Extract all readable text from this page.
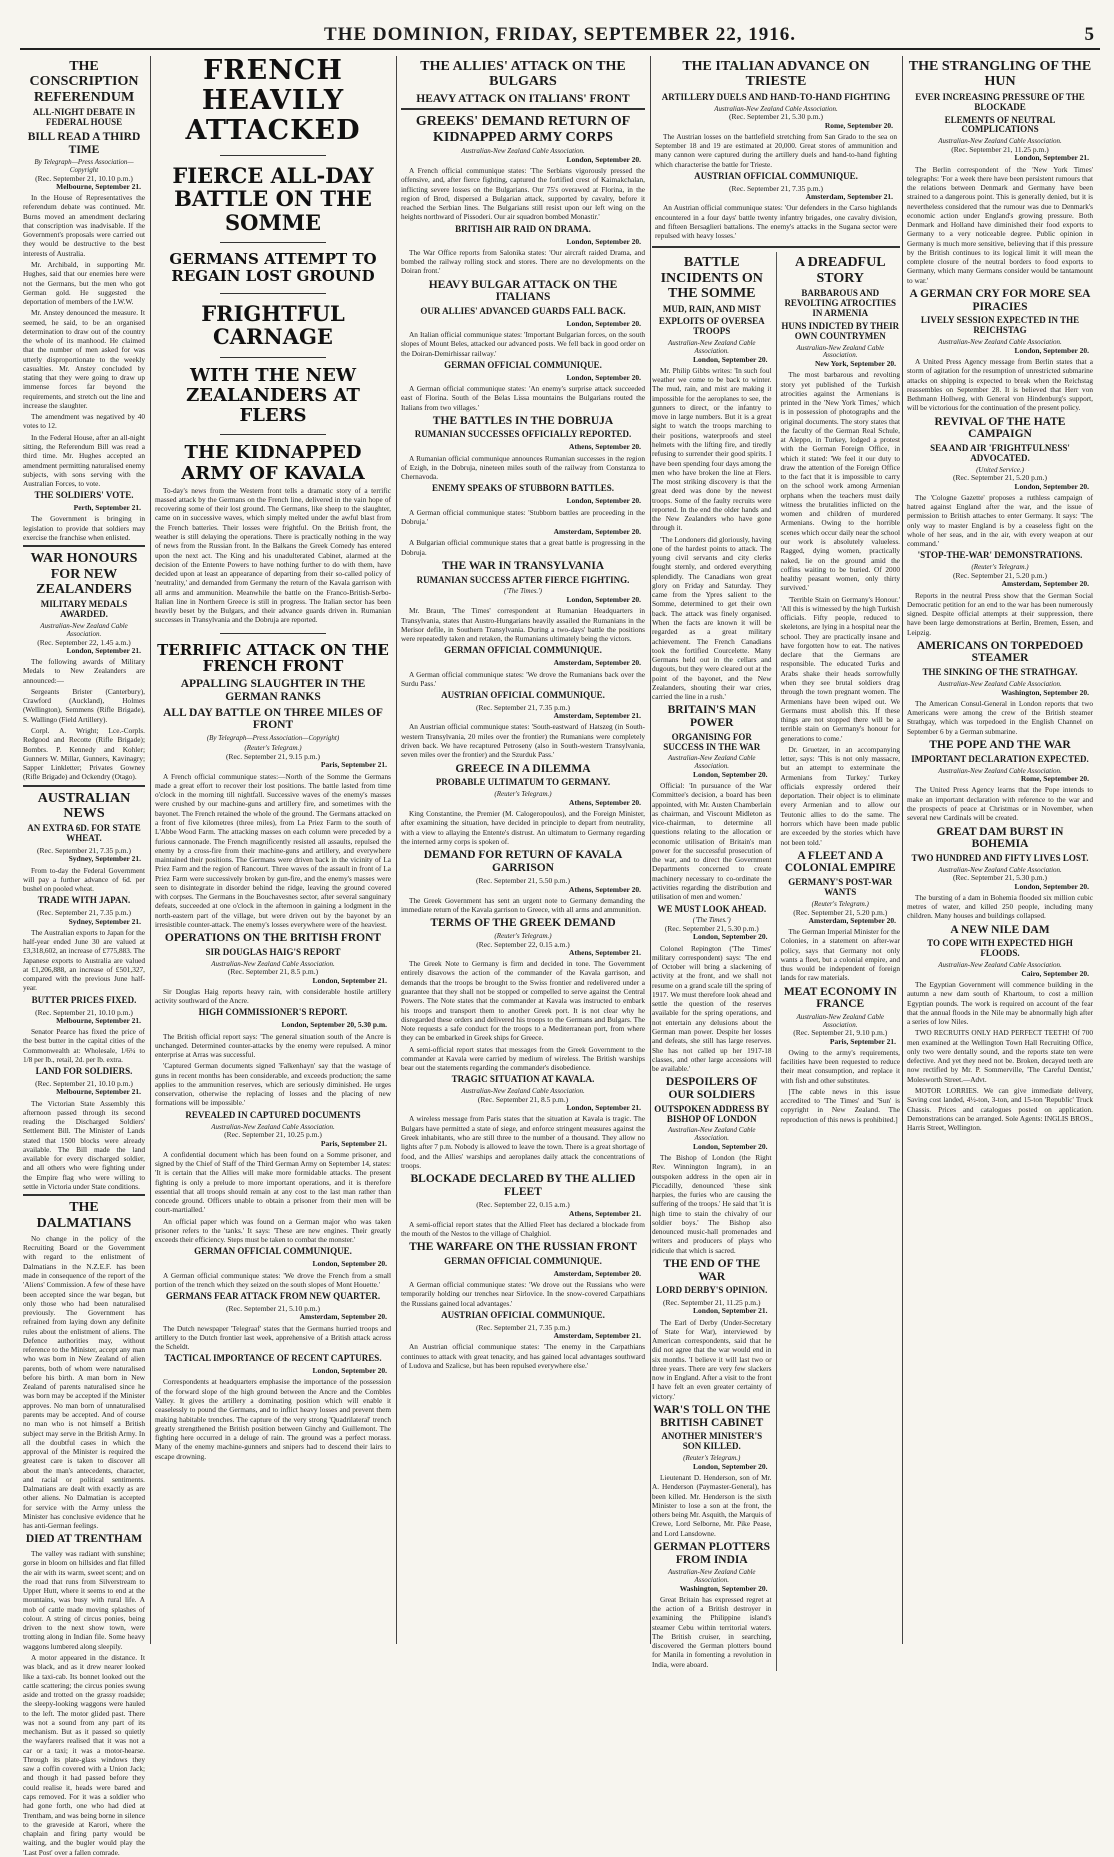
THE DOMINION, FRIDAY, SEPTEMBER 22, 1916.	5
THE CONSCRIPTION REFERENDUM
ALL-NIGHT DEBATE IN FEDERAL HOUSE
BILL READ A THIRD TIME
By Telegraph—Press Association—Copyright
(Rec. September 21, 10.10 p.m.)
Melbourne, September 21.

In the House of Representatives the referendum debate was continued. Mr. Burns moved an amendment declaring that conscription was inadvisable. If the Government's proposals were carried out they would be destructive to the best interests of Australia.

Mr. Archibald, in supporting Mr. Hughes, said that our enemies here were not the Germans, but the men who got German gold. He suggested the deportation of members of the I.W.W.

Mr. Anstey denounced the measure. It seemed, he said, to be an organised determination to draw out of the country the whole of its manhood. He claimed that the number of men asked for was utterly disproportionate to the weekly casualties. Mr. Anstey concluded by stating that they were going to draw up immense forces far beyond the requirements, and stretch out the line and increase the slaughter.

The amendment was negatived by 40 votes to 12.

In the Federal House, after an all-night sitting, the Referendum Bill was read a third time. Mr. Hughes accepted an amendment permitting naturalised enemy subjects, with sons serving with the Australian Forces, to vote.

THE SOLDIERS' VOTE.
Perth, September 21.

The Government is bringing in legislation to provide that soldiers may exercise the franchise when enlisted.

WAR HONOURS FOR NEW ZEALANDERS
MILITARY MEDALS AWARDED.
Australian-New Zealand Cable Association.
(Rec. September 22, 1.45 a.m.)
London, September 21.

The following awards of Military Medals to New Zealanders are announced:—

Sergeants Brister (Canterbury), Crawford (Auckland), Holmes (Wellington), Semmens (Rifle Brigade), S. Wallingo (Field Artillery).

Corpl. A. Wright; Lce.-Corpls. Redgood and Recotte (Rifle Brigade); Bombrs. P. Kennedy and Kohler; Gunners W. Millar, Gunners, Kavinagry; Sapper Linkletter; Privates Gowney (Rifle Brigade) and Ockendry (Otago).

AUSTRALIAN NEWS
AN EXTRA 6D. FOR STATE WHEAT.
(Rec. September 21, 7.35 p.m.)
Sydney, September 21.

From to-day the Federal Government will pay a further advance of 6d. per bushel on pooled wheat.

TRADE WITH JAPAN.
(Rec. September 21, 7.35 p.m.)
Sydney, September 21.

The Australian exports to Japan for the half-year ended June 30 are valued at £3,318,602, an increase of £775,883. The Japanese exports to Australia are valued at £1,206,888, an increase of £501,327, compared with the previous June half-year.

BUTTER PRICES FIXED.
(Rec. September 21, 10.10 p.m.)
Melbourne, September 21.

Senator Pearce has fixed the price of the best butter in the capital cities of the Commonwealth at: Wholesale, 1/6¼ to 1/8 per lb., retail, 2d. per lb. extra.

LAND FOR SOLDIERS.
(Rec. September 21, 10.10 p.m.)
Melbourne, September 21.

The Victorian State Assembly this afternoon passed through its second reading the Discharged Soldiers' Settlement Bill. The Minister of Lands stated that 1500 blocks were already available. The Bill made the land available for every discharged soldier, and all others who were fighting under the Empire flag who were willing to settle in Victoria under State conditions.

THE DALMATIANS

No change in the policy of the Recruiting Board or the Government with regard to the enlistment of Dalmatians in the N.Z.E.F. has been made in consequence of the report of the 'Aliens' Commission. A few of these have been accepted since the war began, but only those who had been naturalised previously. The Government has refrained from laying down any definite rules about the enlistment of aliens. The Defence authorities may, without reference to the Minister, accept any man who was born in New Zealand of alien parents, both of whom were naturalised before his birth. A man born in New Zealand of parents naturalised since he was born may be accepted if the Minister approves. No man born of unnaturalised parents may be accepted. And of course no man who is not himself a British subject may serve in the British Army. In all the doubtful cases in which the approval of the Minister is required the greatest care is taken to discover all about the man's antecedents, character, and racial or political sentiments. Dalmatians are dealt with exactly as are other aliens. No Dalmatian is accepted for service with the Army unless the Minister has conclusive evidence that he has anti-German feelings.

DIED AT TRENTHAM

The valley was radiant with sunshine; gorse in bloom on hillsides and flat filled the air with its warm, sweet scent; and on the road that runs from Silverstream to Upper Hutt, where it seems to end at the mountains, was busy with rural life. A mob of cattle made moving splashes of colour. A string of circus ponies, being driven to the next show town, were trotting along in Indian file. Some heavy waggons lumbered along sleepily.

A motor appeared in the distance. It was black, and as it drew nearer looked like a taxi-cab. Its bonnet looked out the cattle scattering; the circus ponies swung aside and trotted on the grassy roadside; the sleepy-looking waggons were hauled to the left. The motor glided past. There was not a sound from any part of its mechanism. But as it passed so quietly the wayfarers realised that it was not a car or a taxi; it was a motor-hearse. Through its plate-glass windows they saw a coffin covered with a Union Jack; and though it had passed before they could realise it, heads were bared and caps removed. For it was a soldier who had gone forth, one who had died at Trentham, and was being borne in silence to the graveside at Karori, where the chaplain and firing party would be waiting, and the bugler would play the 'Last Post' over a fallen comrade.

FRENCH HEAVILY ATTACKED
FIERCE ALL-DAY BATTLE ON THE SOMME
GERMANS ATTEMPT TO REGAIN LOST GROUND
FRIGHTFUL CARNAGE
WITH THE NEW ZEALANDERS AT FLERS
THE KIDNAPPED ARMY OF KAVALA

To-day's news from the Western front tells a dramatic story of a terrific massed attack by the Germans on the French line, delivered in the vain hope of recovering some of their lost ground. The Germans, like sheep to the slaughter, came on in successive waves, which simply melted under the awful blast from the French batteries. Their losses were frightful. On the British front, the weather is still delaying the operations. There is practically nothing in the way of news from the Russian front. In the Balkans the Greek Comedy has entered upon the next act. The King and his unadulterated Cabinet, alarmed at the decision of the Entente Powers to have nothing further to do with them, have decided upon at least an appearance of departing from their so-called policy of 'neutrality,' and demanded from Germany the return of the Kavala garrison with all arms and ammunition. Meanwhile the battle on the Franco-British-Serbo-Italian line in Northern Greece is still in progress. The Italian sector has been heavily beset by the Bulgars, and their advance guards driven in. Rumanian successes in Transylvania and the Dobruja are reported.

TERRIFIC ATTACK ON THE FRENCH FRONT
APPALLING SLAUGHTER IN THE GERMAN RANKS
ALL DAY BATTLE ON THREE MILES OF FRONT
(By Telegraph—Press Association—Copyright)
(Reuter's Telegram.)
(Rec. September 21, 9.15 p.m.)
Paris, September 21.

A French official communique states:—North of the Somme the Germans made a great effort to recover their lost positions. The battle lasted from time o'clock in the morning till nightfall. Successive waves of the enemy's masses were crushed by our machine-guns and artillery fire, and sometimes with the bayonet. The French retained the whole of the ground. The Germans attacked on a front of five kilometres (three miles), from La Priez Farm to the south of L'Abbe Wood Farm. The attacking masses on each column were preceded by a furious cannonade. The French magnificently resisted all assaults, repulsed the enemy by a cross-fire from their machine-guns and artillery, and everywhere maintained their positions. The Germans were driven back in the vicinity of La Priez Farm and the region of Rancourt. Three waves of the assault in front of La Priez Farm were successively broken by gun-fire, and the enemy's masses were seen to disintegrate in disorder behind the ridge, leaving the ground covered with corpses. The Germans in the Bouchavesnes sector, after several sanguinary defeats, succeeded at one o'clock in the afternoon in gaining a lodgment in the north-eastern part of the village, but were driven out by the bayonet by an irresistible counter-attack. The enemy's losses everywhere were of the heaviest.

OPERATIONS ON THE BRITISH FRONT
SIR DOUGLAS HAIG'S REPORT
Australian-New Zealand Cable Association.
(Rec. September 21, 8.5 p.m.)
London, September 21.

Sir Douglas Haig reports heavy rain, with considerable hostile artillery activity southward of the Ancre.

HIGH COMMISSIONER'S REPORT.
London, September 20, 5.30 p.m.

The British official report says: 'The general situation south of the Ancre is unchanged. Determined counter-attacks by the enemy were repulsed. A minor enterprise at Arras was successful.

'Captured German documents signed 'Falkenhayn' say that the wastage of guns in recent months has been considerable, and exceeds production; the same applies to the ammunition reserves, which are seriously diminished. He urges conservation, otherwise the replacing of losses and the placing of new formations will be impossible.'

REVEALED IN CAPTURED DOCUMENTS
Australian-New Zealand Cable Association.
(Rec. September 21, 10.25 p.m.)
Paris, September 21.

A confidential document which has been found on a Somme prisoner, and signed by the Chief of Staff of the Third German Army on September 14, states: 'It is certain that the Allies will make more formidable attacks. The present fighting is only a prelude to more important operations, and it is therefore essential that all troops should remain at any cost to the last man rather than concede ground. Officers unable to obtain a prisoner from their men will be court-martialled.'

An official paper which was found on a German major who was taken prisoner refers to the 'tanks.' It says: 'These are new engines. Their greatly exceeds their efficiency. Steps must be taken to combat the monster.'

GERMAN OFFICIAL COMMUNIQUE.
London, September 20.

A German official communique states: 'We drove the French from a small portion of the trench which they seized on the south slopes of Mont Houette.'

GERMANS FEAR ATTACK FROM NEW QUARTER.
(Rec. September 21, 5.10 p.m.)
Amsterdam, September 20.

The Dutch newspaper 'Telegraaf' states that the Germans hurried troops and artillery to the Dutch frontier last week, apprehensive of a British attack across the Scheldt.

TACTICAL IMPORTANCE OF RECENT CAPTURES.
London, September 20.

Correspondents at headquarters emphasise the importance of the possession of the forward slope of the high ground between the Ancre and the Combles Valley. It gives the artillery a dominating position which will enable it ceaselessly to pound the Germans, and to inflict heavy losses and prevent them making habitable trenches. The capture of the very strong 'Quadrilateral' trench greatly strengthened the British position between Ginchy and Guillemont. The fighting here occurred in a deluge of rain. The ground was a perfect morass. Many of the enemy machine-gunners and snipers had to descend their lairs to escape drowning.

THE ALLIES' ATTACK ON THE BULGARS
HEAVY ATTACK ON ITALIANS' FRONT
GREEKS' DEMAND RETURN OF KIDNAPPED ARMY CORPS
Australian-New Zealand Cable Association.
London, September 20.

A French official communique states: 'The Serbians vigorously pressed the offensive, and, after fierce fighting, captured the fortified crest of Kaimakchalan, inflicting severe losses on the Bulgarians. Our 75's overawed at Florina, in the region of Brod, dispersed a Bulgarian attack, supported by cavalry, before it reached the Serbian lines. The Bulgarians still resist upon our left wing on the heights northward of Pissoderi. Our air squadron bombed Monastir.'

BRITISH AIR RAID ON DRAMA.
London, September 20.

The War Office reports from Salonika states: 'Our aircraft raided Drama, and bombed the railway rolling stock and stores. There are no developments on the Doiran front.'

HEAVY BULGAR ATTACK ON THE ITALIANS
OUR ALLIES' ADVANCED GUARDS FALL BACK.
London, September 20.

An Italian official communique states: 'Important Bulgarian forces, on the south slopes of Mount Beles, attacked our advanced posts. We fell back in good order on the Doiran-Demirhissar railway.'

GERMAN OFFICIAL COMMUNIQUE.
London, September 20.

A German official communique states: 'An enemy's surprise attack succeeded east of Florina. South of the Belas Lissa mountains the Bulgarians routed the Italians from two villages.'

THE BATTLES IN THE DOBRUJA
RUMANIAN SUCCESSES OFFICIALLY REPORTED.
Athens, September 20.

A Rumanian official communique announces Rumanian successes in the region of Ezigh, in the Dobruja, nineteen miles south of the railway from Constanza to Chernavoda.

ENEMY SPEAKS OF STUBBORN BATTLES.
London, September 20.

A German official communique states: 'Stubborn battles are proceeding in the Dobruja.'

Amsterdam, September 20.

A Bulgarian official communique states that a great battle is progressing in the Dobruja.

THE WAR IN TRANSYLVANIA
RUMANIAN SUCCESS AFTER FIERCE FIGHTING.
('The Times.')
London, September 20.

Mr. Braun, 'The Times' correspondent at Rumanian Headquarters in Transylvania, states that Austro-Hungarians heavily assailed the Rumanians in the Merisor defile, in Southern Transylvania. During a two-days' battle the positions were repeatedly taken and retaken, the Rumanians ultimately being the victors.

GERMAN OFFICIAL COMMUNIQUE.
Amsterdam, September 20.

A German official communique states: 'We drove the Rumanians back over the Surdu Pass.'

AUSTRIAN OFFICIAL COMMUNIQUE.
(Rec. September 21, 7.35 p.m.)
Amsterdam, September 21.

An Austrian official communique states: 'South-eastward of Hatszeg (in South-western Transylvania, 20 miles over the frontier) the Rumanians were completely driven back. We have recaptured Petroseny (also in South-western Transylvania, seven miles over the frontier) and the Szurduk Pass.'

GREECE IN A DILEMMA
PROBABLE ULTIMATUM TO GERMANY.
(Reuter's Telegram.)
Athens, September 20.

King Constantine, the Premier (M. Calogeropoulos), and the Foreign Minister, after examining the situation, have decided in principle to depart from neutrality, with a view to allaying the Entente's distrust. An ultimatum to Germany regarding the interned army corps is spoken of.

DEMAND FOR RETURN OF KAVALA GARRISON
(Rec. September 21, 5.50 p.m.)
Athens, September 20.

The Greek Government has sent an urgent note to Germany demanding the immediate return of the Kavala garrison to Greece, with all arms and ammunition.

TERMS OF THE GREEK DEMAND
(Reuter's Telegram.)
(Rec. September 22, 0.15 a.m.)
Athens, September 21.

The Greek Note to Germany is firm and decided in tone. The Government entirely disavows the action of the commander of the Kavala garrison, and demands that the troops be brought to the Swiss frontier and redelivered under a guarantee that they shall not be stopped or compelled to serve against the Central Powers. The Note states that the commander at Kavala was instructed to embark his troops and transport them to another Greek port. It is not clear why he disregarded these orders and delivered his troops to the Germans and Bulgars. The Note requests a safe conduct for the troops to a Mediterranean port, from where they can be embarked in Greek ships for Greece.

A semi-official report states that messages from the Greek Government to the commander at Kavala were carried by medium of wireless. The British warships bear out the statements regarding the commander's disobedience.

TRAGIC SITUATION AT KAVALA.
Australian-New Zealand Cable Association.
(Rec. September 21, 8.5 p.m.)
London, September 21.

A wireless message from Paris states that the situation at Kavala is tragic. The Bulgars have permitted a state of siege, and enforce stringent measures against the Greek inhabitants, who are still three to the number of a thousand. They allow no lights after 7 p.m. Nobody is allowed to leave the town. There is a great shortage of food, and the Allies' warships and aeroplanes daily attack the concentrations of troops.

BLOCKADE DECLARED BY THE ALLIED FLEET
(Rec. September 22, 0.15 a.m.)
Athens, September 21.

A semi-official report states that the Allied Fleet has declared a blockade from the mouth of the Nestos to the village of Chalghiol.

THE WARFARE ON THE RUSSIAN FRONT
GERMAN OFFICIAL COMMUNIQUE.
Amsterdam, September 20.

A German official communique states: 'We drove out the Russians who were temporarily holding our trenches near Sirlovice. In the snow-covered Carpathians the Russians gained local advantages.'

AUSTRIAN OFFICIAL COMMUNIQUE.
(Rec. September 21, 7.35 p.m.)
Amsterdam, September 21.

An Austrian official communique states: 'The enemy in the Carpathians continues to attack with great tenacity, and has gained local advantages southward of Ludova and Szalicse, but has been repulsed everywhere else.'

THE ITALIAN ADVANCE ON TRIESTE
ARTILLERY DUELS AND HAND-TO-HAND FIGHTING
Australian-New Zealand Cable Association.
(Rec. September 21, 5.30 p.m.)
Rome, September 20.

The Austrian losses on the battlefield stretching from San Grado to the sea on September 18 and 19 are estimated at 20,000. Great stores of ammunition and many cannon were captured during the artillery duels and hand-to-hand fighting which characterise the battle for Trieste.

AUSTRIAN OFFICIAL COMMUNIQUE.
(Rec. September 21, 7.35 p.m.)
Amsterdam, September 21.

An Austrian official communique states: 'Our defenders in the Carso highlands encountered in a four days' battle twenty infantry brigades, one cavalry division, and fifteen Bersaglieri battalions. The enemy's attacks in the Sugana sector were repulsed with heavy losses.'

BATTLE INCIDENTS ON THE SOMME
MUD, RAIN, AND MIST
EXPLOITS OF OVERSEA TROOPS
Australian-New Zealand Cable Association.
London, September 20.

Mr. Philip Gibbs writes: 'In such foul weather we come to be back to winter. The mud, rain, and mist are making it impossible for the aeroplanes to see, the gunners to direct, or the infantry to move in large numbers. But it is a great sight to watch the troops marching to their positions, waterproofs and steel helmets with the lifting fire, and tiredly refusing to surrender their good spirits. I have been spending four days among the men who have broken the line at Flers. The most striking discovery is that the great deed was done by the newest troops. Some of the faulty recruits were reported. In the end the older hands and the New Zealanders who have gone through it.

'The Londoners did gloriously, having one of the hardest points to attack. The young civil servants and city clerks fought sternly, and ordered everything splendidly. The Canadians won great glory on Friday and Saturday. They came from the Ypres salient to the Somme, determined to get their own back. The attack was finely organised. When the facts are known it will be regarded as a great military achievement. The French Canadians took the fortified Courcelette. Many Germans held out in the cellars and dugouts, but they were cleared out at the point of the bayonet, and the New Zealanders, shouting their war cries, carried the line in a rush.'

BRITAIN'S MAN POWER
ORGANISING FOR SUCCESS IN THE WAR
Australian-New Zealand Cable Association.
London, September 20.

Official: 'In pursuance of the War Committee's decision, a board has been appointed, with Mr. Austen Chamberlain as chairman, and Viscount Midleton as vice-chairman, to determine all questions relating to the allocation or economic utilisation of Britain's man power for the successful prosecution of the war, and to direct the Government Departments concerned to create machinery necessary to co-ordinate the activities regarding the distribution and utilisation of men and women.'

WE MUST LOOK AHEAD.
('The Times.')
(Rec. September 21, 5.30 p.m.)
London, September 20.

Colonel Repington ('The Times' military correspondent) says: 'The end of October will bring a slackening of activity at the front, and we shall not resume on a grand scale till the spring of 1917. We must therefore look ahead and settle the question of the reserves available for the spring operations, and not entertain any delusions about the German man power. Despite her losses and defeats, she still has large reserves. She has not called up her 1917-18 classes, and other large accessions will be available.'

DESPOILERS OF OUR SOLDIERS
OUTSPOKEN ADDRESS BY BISHOP OF LONDON
Australian-New Zealand Cable Association.
London, September 20.

The Bishop of London (the Right Rev. Winnington Ingram), in an outspoken address in the open air in Piccadilly, denounced 'these sink harpies, the furies who are causing the suffering of the troops.' He said that 'it is high time to stain the chivalry of our soldier boys.' The Bishop also denounced music-hall promenades and writers and producers of plays who ridicule that which is sacred.

THE END OF THE WAR
LORD DERBY'S OPINION.
(Rec. September 21, 11.25 p.m.)
London, September 21.

The Earl of Derby (Under-Secretary of State for War), interviewed by American correspondents, said that he did not agree that the war would end in six months. 'I believe it will last two or three years. There are very few slackers now in England. After a visit to the front I have felt an even greater certainty of victory.'

WAR'S TOLL ON THE BRITISH CABINET
ANOTHER MINISTER'S SON KILLED.
(Reuter's Telegram.)
London, September 20.

Lieutenant D. Henderson, son of Mr. A. Henderson (Paymaster-General), has been killed. Mr. Henderson is the sixth Minister to lose a son at the front, the others being Mr. Asquith, the Marquis of Crewe, Lord Selborne, Mr. Pike Pease, and Lord Lansdowne.

GERMAN PLOTTERS FROM INDIA
Australian-New Zealand Cable Association.
Washington, September 20.

Great Britain has expressed regret at the action of a British destroyer in examining the Philippine island's steamer Cebu within territorial waters. The British cruiser, in searching, discovered the German plotters bound for Manila in fomenting a revolution in India, were aboard.

A DREADFUL STORY
BARBAROUS AND REVOLTING ATROCITIES IN ARMENIA
HUNS INDICTED BY THEIR OWN COUNTRYMEN
Australian-New Zealand Cable Association.
New York, September 20.

The most barbarous and revolting story yet published of the Turkish atrocities against the Armenians is printed in the 'New York Times,' which is in possession of photographs and the original documents. The story states that the faculty of the German Real Schule, at Aleppo, in Turkey, lodged a protest with the German Foreign Office, in which it stated: 'We feel it our duty to draw the attention of the Foreign Office to the fact that it is impossible to carry on the school work among Armenian orphans when the teachers must daily witness the brutalities inflicted on the women and children of murdered Armenians. Owing to the horrible scenes which occur daily near the school our work is absolutely valueless. Ragged, dying women, practically naked, lie on the ground amid the coffins waiting to be buried. Of 2000 healthy peasant women, only thirty survived.'

'Terrible Stain on Germany's Honour.' 'All this is witnessed by the high Turkish officials. Fifty people, reduced to skeletons, are lying in a hospital near the school. They are practically insane and have forgotten how to eat. The natives declare that the Germans are responsible. The educated Turks and Arabs shake their heads sorrowfully when they see brutal soldiers drag through the town pregnant women. The Armenians have been wiped out. We Germans must abolish this. If these things are not stopped there will be a terrible stain on Germany's honour for generations to come.'

Dr. Gruetzer, in an accompanying letter, says: 'This is not only massacre, but an attempt to exterminate the Armenians from Turkey.' Turkey officials expressly ordered their deportation. Their object is to eliminate every Armenian and to allow our Teutonic allies to do the same. The horrors which have been made public are exceeded by the stories which have not been told.'

A FLEET AND A COLONIAL EMPIRE
GERMANY'S POST-WAR WANTS
(Reuter's Telegram.)
(Rec. September 21, 5.20 p.m.)
Amsterdam, September 20.

The German Imperial Minister for the Colonies, in a statement on after-war policy, says that Germany not only wants a fleet, but a colonial empire, and thus would be independent of foreign lands for raw materials.

MEAT ECONOMY IN FRANCE
Australian-New Zealand Cable Association.
(Rec. September 21, 9.10 p.m.)
Paris, September 21.

Owing to the army's requirements, facilities have been requested to reduce their meat consumption, and replace it with fish and other substitutes.

[The cable news in this issue accredited to 'The Times' and 'Sun' is copyright in New Zealand. The reproduction of this news is prohibited.]

THE STRANGLING OF THE HUN
EVER INCREASING PRESSURE OF THE BLOCKADE
ELEMENTS OF NEUTRAL COMPLICATIONS
Australian-New Zealand Cable Association.
(Rec. September 21, 11.25 p.m.)
London, September 21.

The Berlin correspondent of the 'New York Times' telegraphs: 'For a week there have been persistent rumours that the relations between Denmark and Germany have been strained to a dangerous point. This is generally denied, but it is nevertheless considered that the rumour was due to Denmark's economic action under England's growing pressure. Both Denmark and Holland have diminished their food exports to Germany to a very noticeable degree. Public opinion in Germany is much more sensitive, believing that if this pressure by the British continues to its logical limit it will mean the complete closure of the neutral borders to food exports to Germany, which many Germans consider would be tantamount to war.'

A GERMAN CRY FOR MORE SEA PIRACIES
LIVELY SESSION EXPECTED IN THE REICHSTAG
Australian-New Zealand Cable Association.
London, September 20.

A United Press Agency message from Berlin states that a storm of agitation for the resumption of unrestricted submarine attacks on shipping is expected to break when the Reichstag reassembles on September 28. It is believed that Herr von Bethmann Hollweg, with General von Hindenburg's support, will be victorious for the continuation of the present policy.

REVIVAL OF THE HATE CAMPAIGN
SEA AND AIR 'FRIGHTFULNESS' ADVOCATED.
(United Service.)
(Rec. September 21, 5.20 p.m.)
London, September 20.

The 'Cologne Gazette' proposes a ruthless campaign of hatred against England after the war, and the issue of permission to British attaches to enter Germany. It says: 'The only way to master England is by a ceaseless fight on the whole of her seas, and in the air, with every weapon at our command.'

'STOP-THE-WAR' DEMONSTRATIONS.
(Reuter's Telegram.)
(Rec. September 21, 5.20 p.m.)
Amsterdam, September 20.

Reports in the neutral Press show that the German Social Democratic petition for an end to the war has been numerously signed. Despite official attempts at their suppression, there have been large demonstrations at Berlin, Bremen, Essen, and Leipzig.

AMERICANS ON TORPEDOED STEAMER
THE SINKING OF THE STRATHGAY.
Australian-New Zealand Cable Association.
Washington, September 20.

The American Consul-General in London reports that two Americans were among the crew of the British steamer Strathgay, which was torpedoed in the English Channel on September 6 by a German submarine.

THE POPE AND THE WAR
IMPORTANT DECLARATION EXPECTED.
Australian-New Zealand Cable Association.
Rome, September 20.

The United Press Agency learns that the Pope intends to make an important declaration with reference to the war and the prospects of peace at Christmas or in November, when several new Cardinals will be created.

GREAT DAM BURST IN BOHEMIA
TWO HUNDRED AND FIFTY LIVES LOST.
Australian-New Zealand Cable Association.
(Rec. September 21, 5.30 p.m.)
London, September 20.

The bursting of a dam in Bohemia flooded six million cubic metres of water, and killed 250 people, including many children. Many houses and buildings collapsed.

A NEW NILE DAM
TO COPE WITH EXPECTED HIGH FLOODS.
Australian-New Zealand Cable Association.
Cairo, September 20.

The Egyptian Government will commence building in the autumn a new dam south of Khartoum, to cost a million Egyptian pounds. The work is required on account of the fear that the annual floods in the Nile may be abnormally high after a series of low Niles.

TWO RECRUITS ONLY HAD PERFECT TEETH! Of 700 men examined at the Wellington Town Hall Recruiting Office, only two were dentally sound, and the reports state ten were defective. And yet they need not be. Broken, decayed teeth are now rectified by Mr. P. Sommerville, 'The Careful Dentist,' Molesworth Street.—Advt.

MOTOR LORRIES. We can give immediate delivery, Saving cost landed, 4½-ton, 3-ton, and 15-ton 'Republic' Truck Chassis. Prices and catalogues posted on application. Demonstrations can be arranged. Sole Agents: INGLIS BROS., Harris Street, Wellington.
